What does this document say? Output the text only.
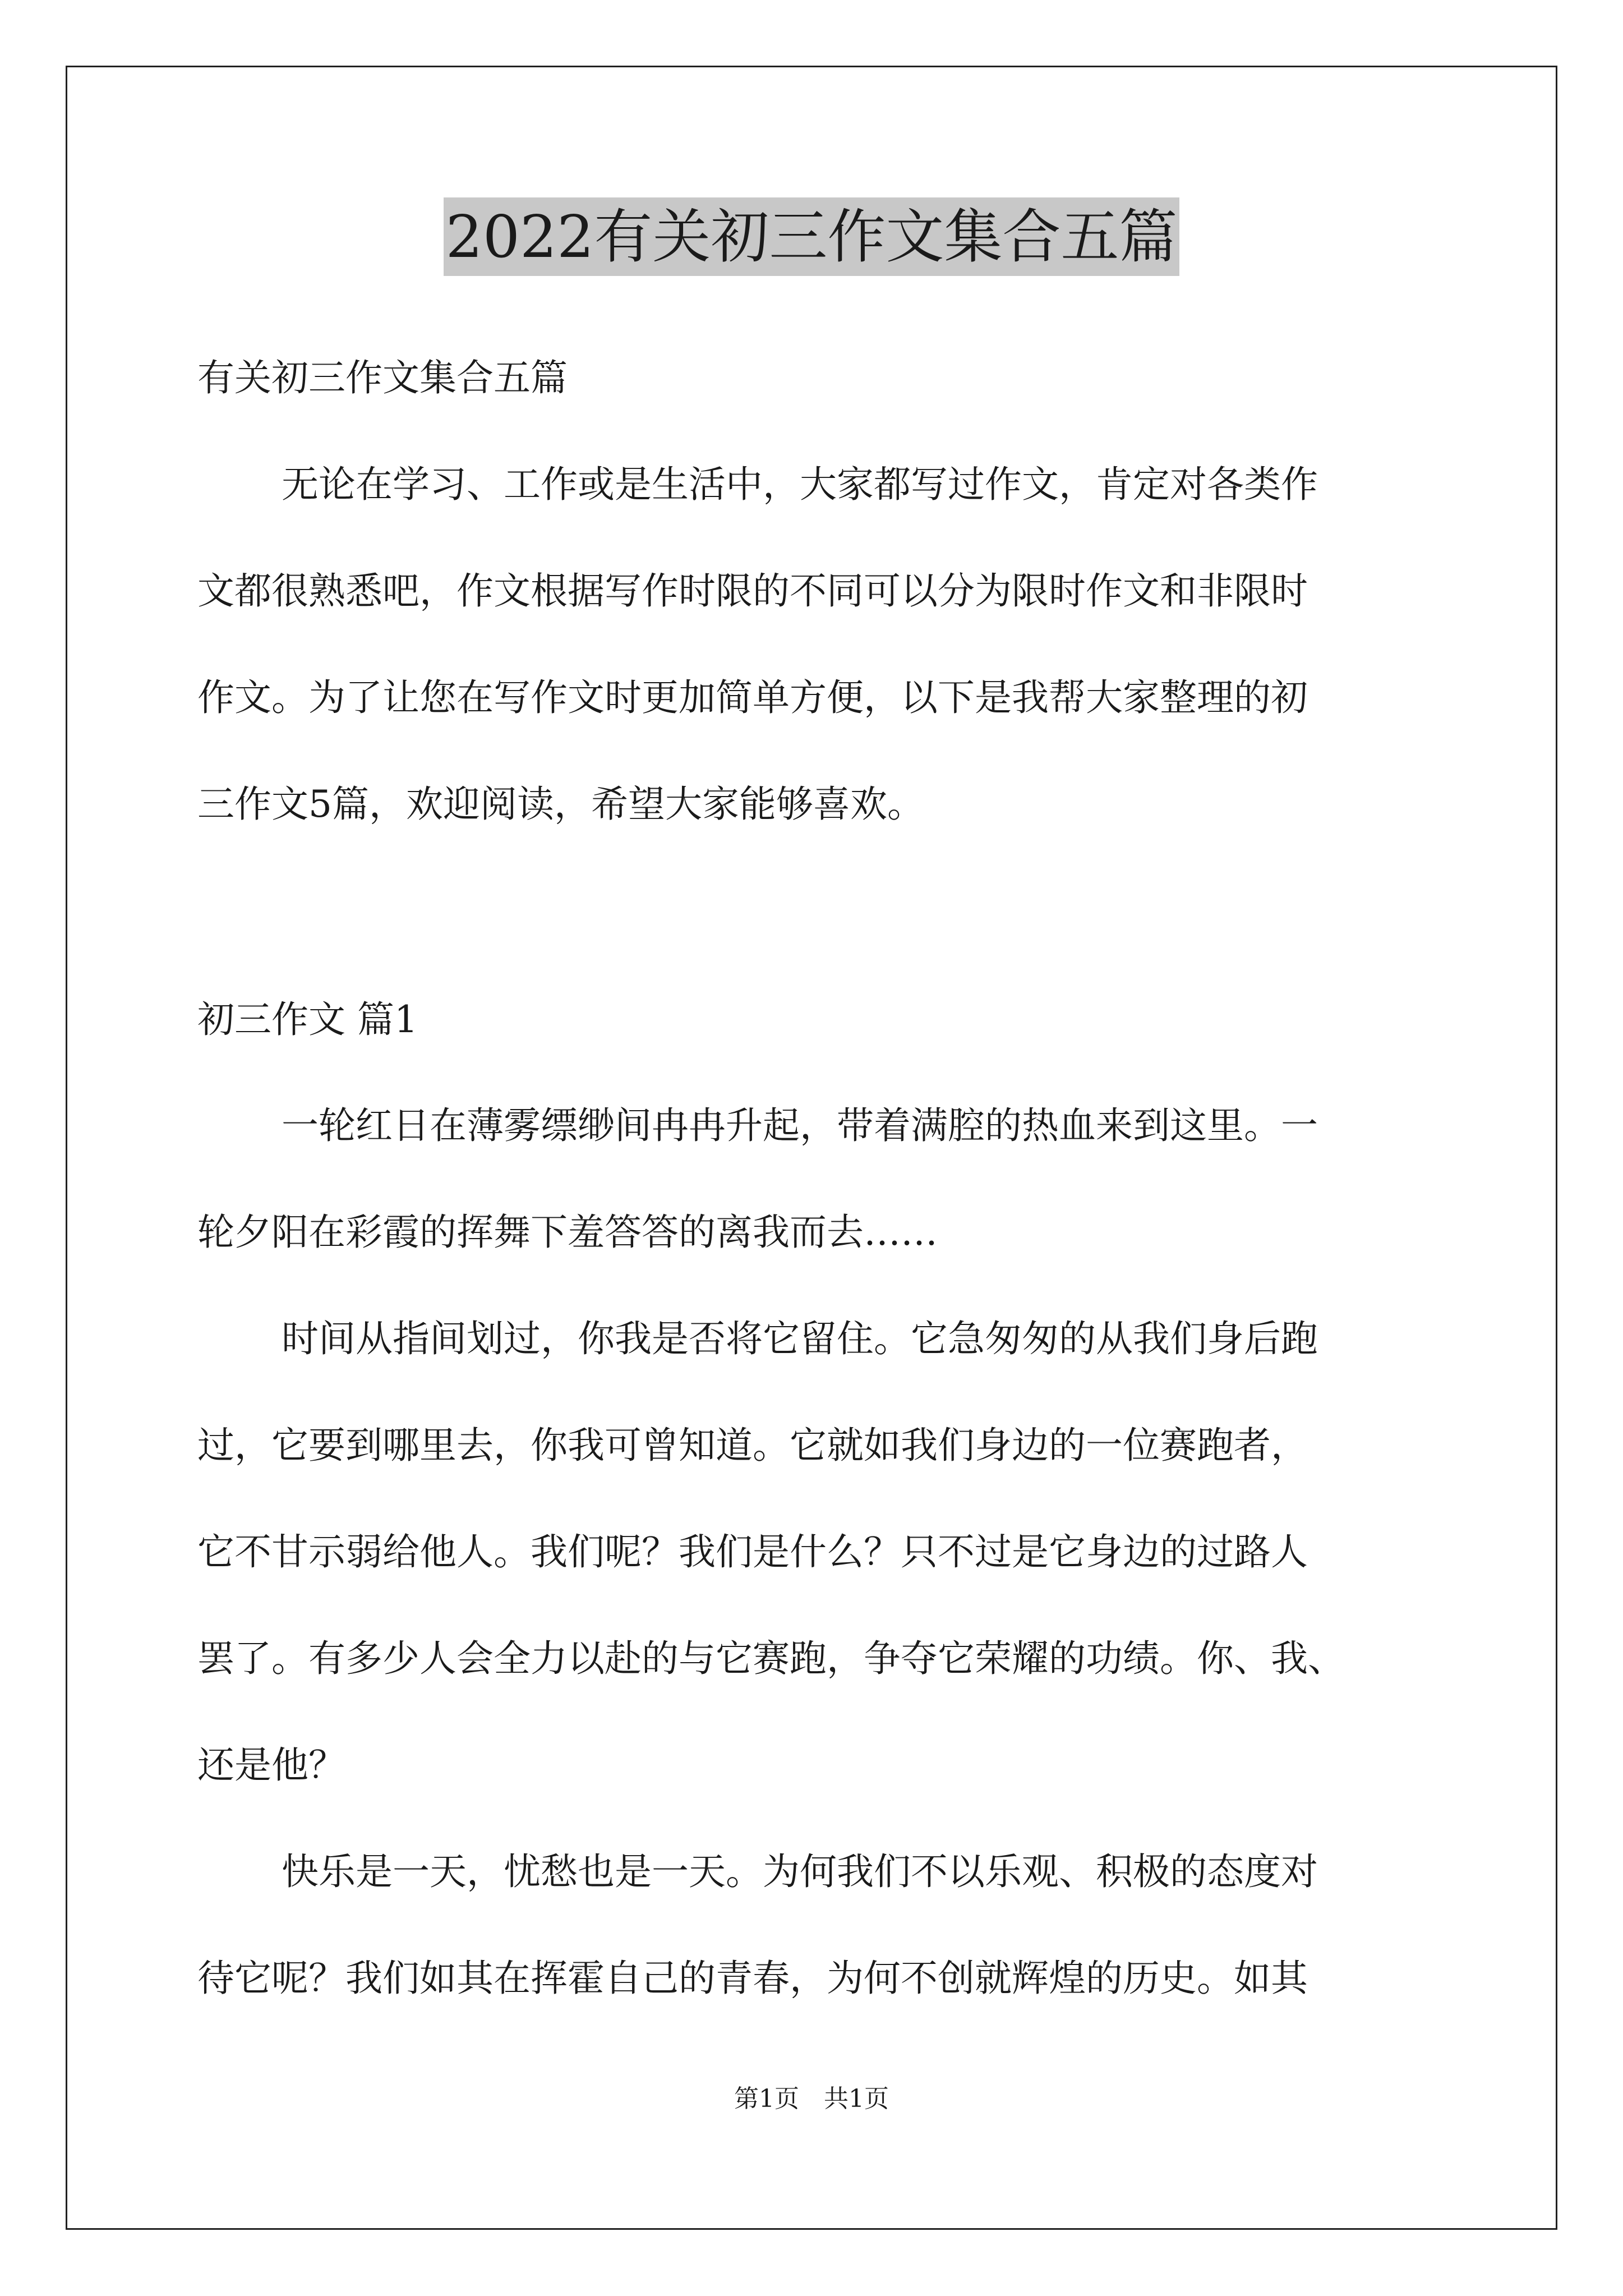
2022有关初三作文集合五篇
有关初三作文集合五篇
无论在学习、工作或是生活中，大家都写过作文，肯定对各类作
文都很熟悉吧，作文根据写作时限的不同可以分为限时作文和非限时
作文。为了让您在写作文时更加简单方便，以下是我帮大家整理的初
三作文5篇，欢迎阅读，希望大家能够喜欢。
初三作文 篇1
一轮红日在薄雾缥缈间冉冉升起，带着满腔的热血来到这里。一
轮夕阳在彩霞的挥舞下羞答答的离我而去……
时间从指间划过，你我是否将它留住。它急匆匆的从我们身后跑
过，它要到哪里去，你我可曾知道。它就如我们身边的一位赛跑者，
它不甘示弱给他人。我们呢？我们是什么？只不过是它身边的过路人
罢了。有多少人会全力以赴的与它赛跑，争夺它荣耀的功绩。你、我、
还是他？
快乐是一天，忧愁也是一天。为何我们不以乐观、积极的态度对
待它呢？我们如其在挥霍自己的青春，为何不创就辉煌的历史。如其
第1页　共1页
